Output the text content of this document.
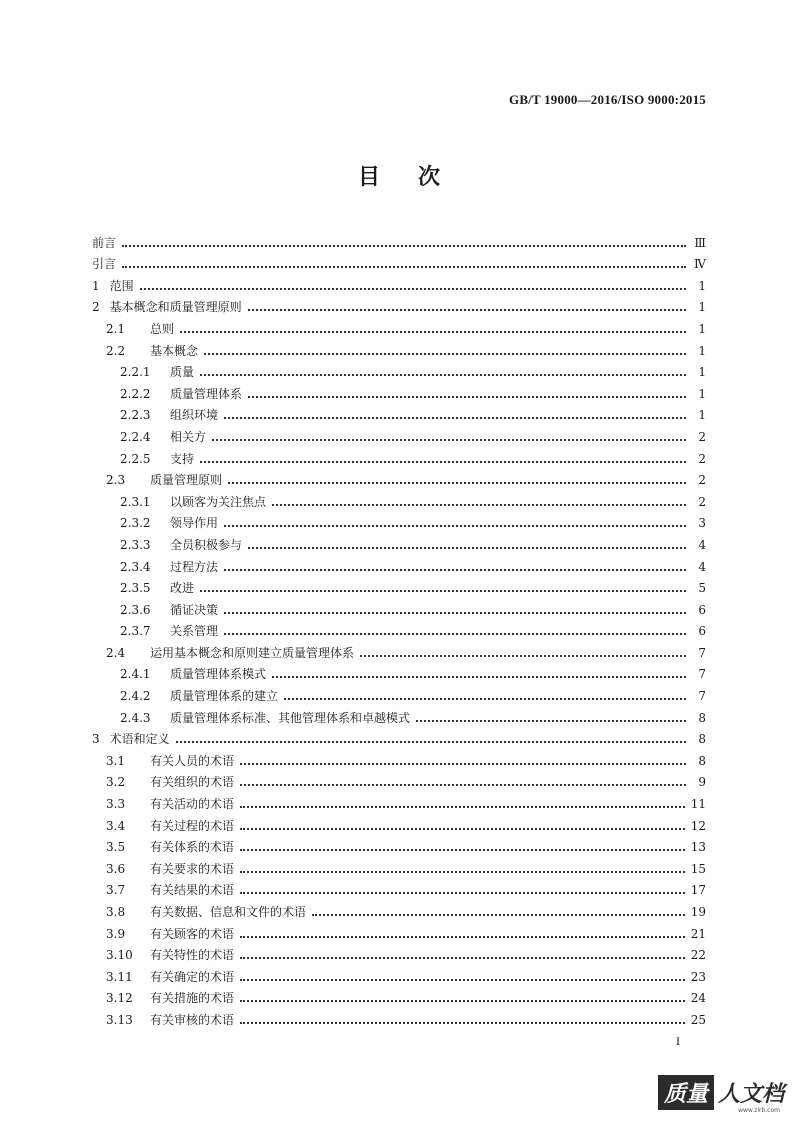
GB/T 19000—2016/ISO 9000:2015
目次
前言	Ⅲ
引言	Ⅳ
1 范围	1
2 基本概念和质量管理原则	1
2.1	总则	1
2.2	基本概念	1
2.2.1	质量	1
2.2.2	质量管理体系	1
2.2.3	组织环境	1
2.2.4	相关方	2
2.2.5	支持	2
2.3	质量管理原则	2
2.3.1	以顾客为关注焦点	2
2.3.2	领导作用	3
2.3.3	全员积极参与	4
2.3.4	过程方法	4
2.3.5	改进	5
2.3.6	循证决策	6
2.3.7	关系管理	6
2.4	运用基本概念和原则建立质量管理体系	7
2.4.1	质量管理体系模式	7
2.4.2	质量管理体系的建立	7
2.4.3	质量管理体系标准、其他管理体系和卓越模式	8
3 术语和定义	8
3.1	有关人员的术语	8
3.2	有关组织的术语	9
3.3	有关活动的术语	11
3.4	有关过程的术语	12
3.5	有关体系的术语	13
3.6	有关要求的术语	15
3.7	有关结果的术语	17
3.8	有关数据、信息和文件的术语	19
3.9	有关顾客的术语	21
3.10	有关特性的术语	22
3.11	有关确定的术语	23
3.12	有关措施的术语	24
3.13	有关审核的术语	25
I
质量 人文档
www.zlrb.com
